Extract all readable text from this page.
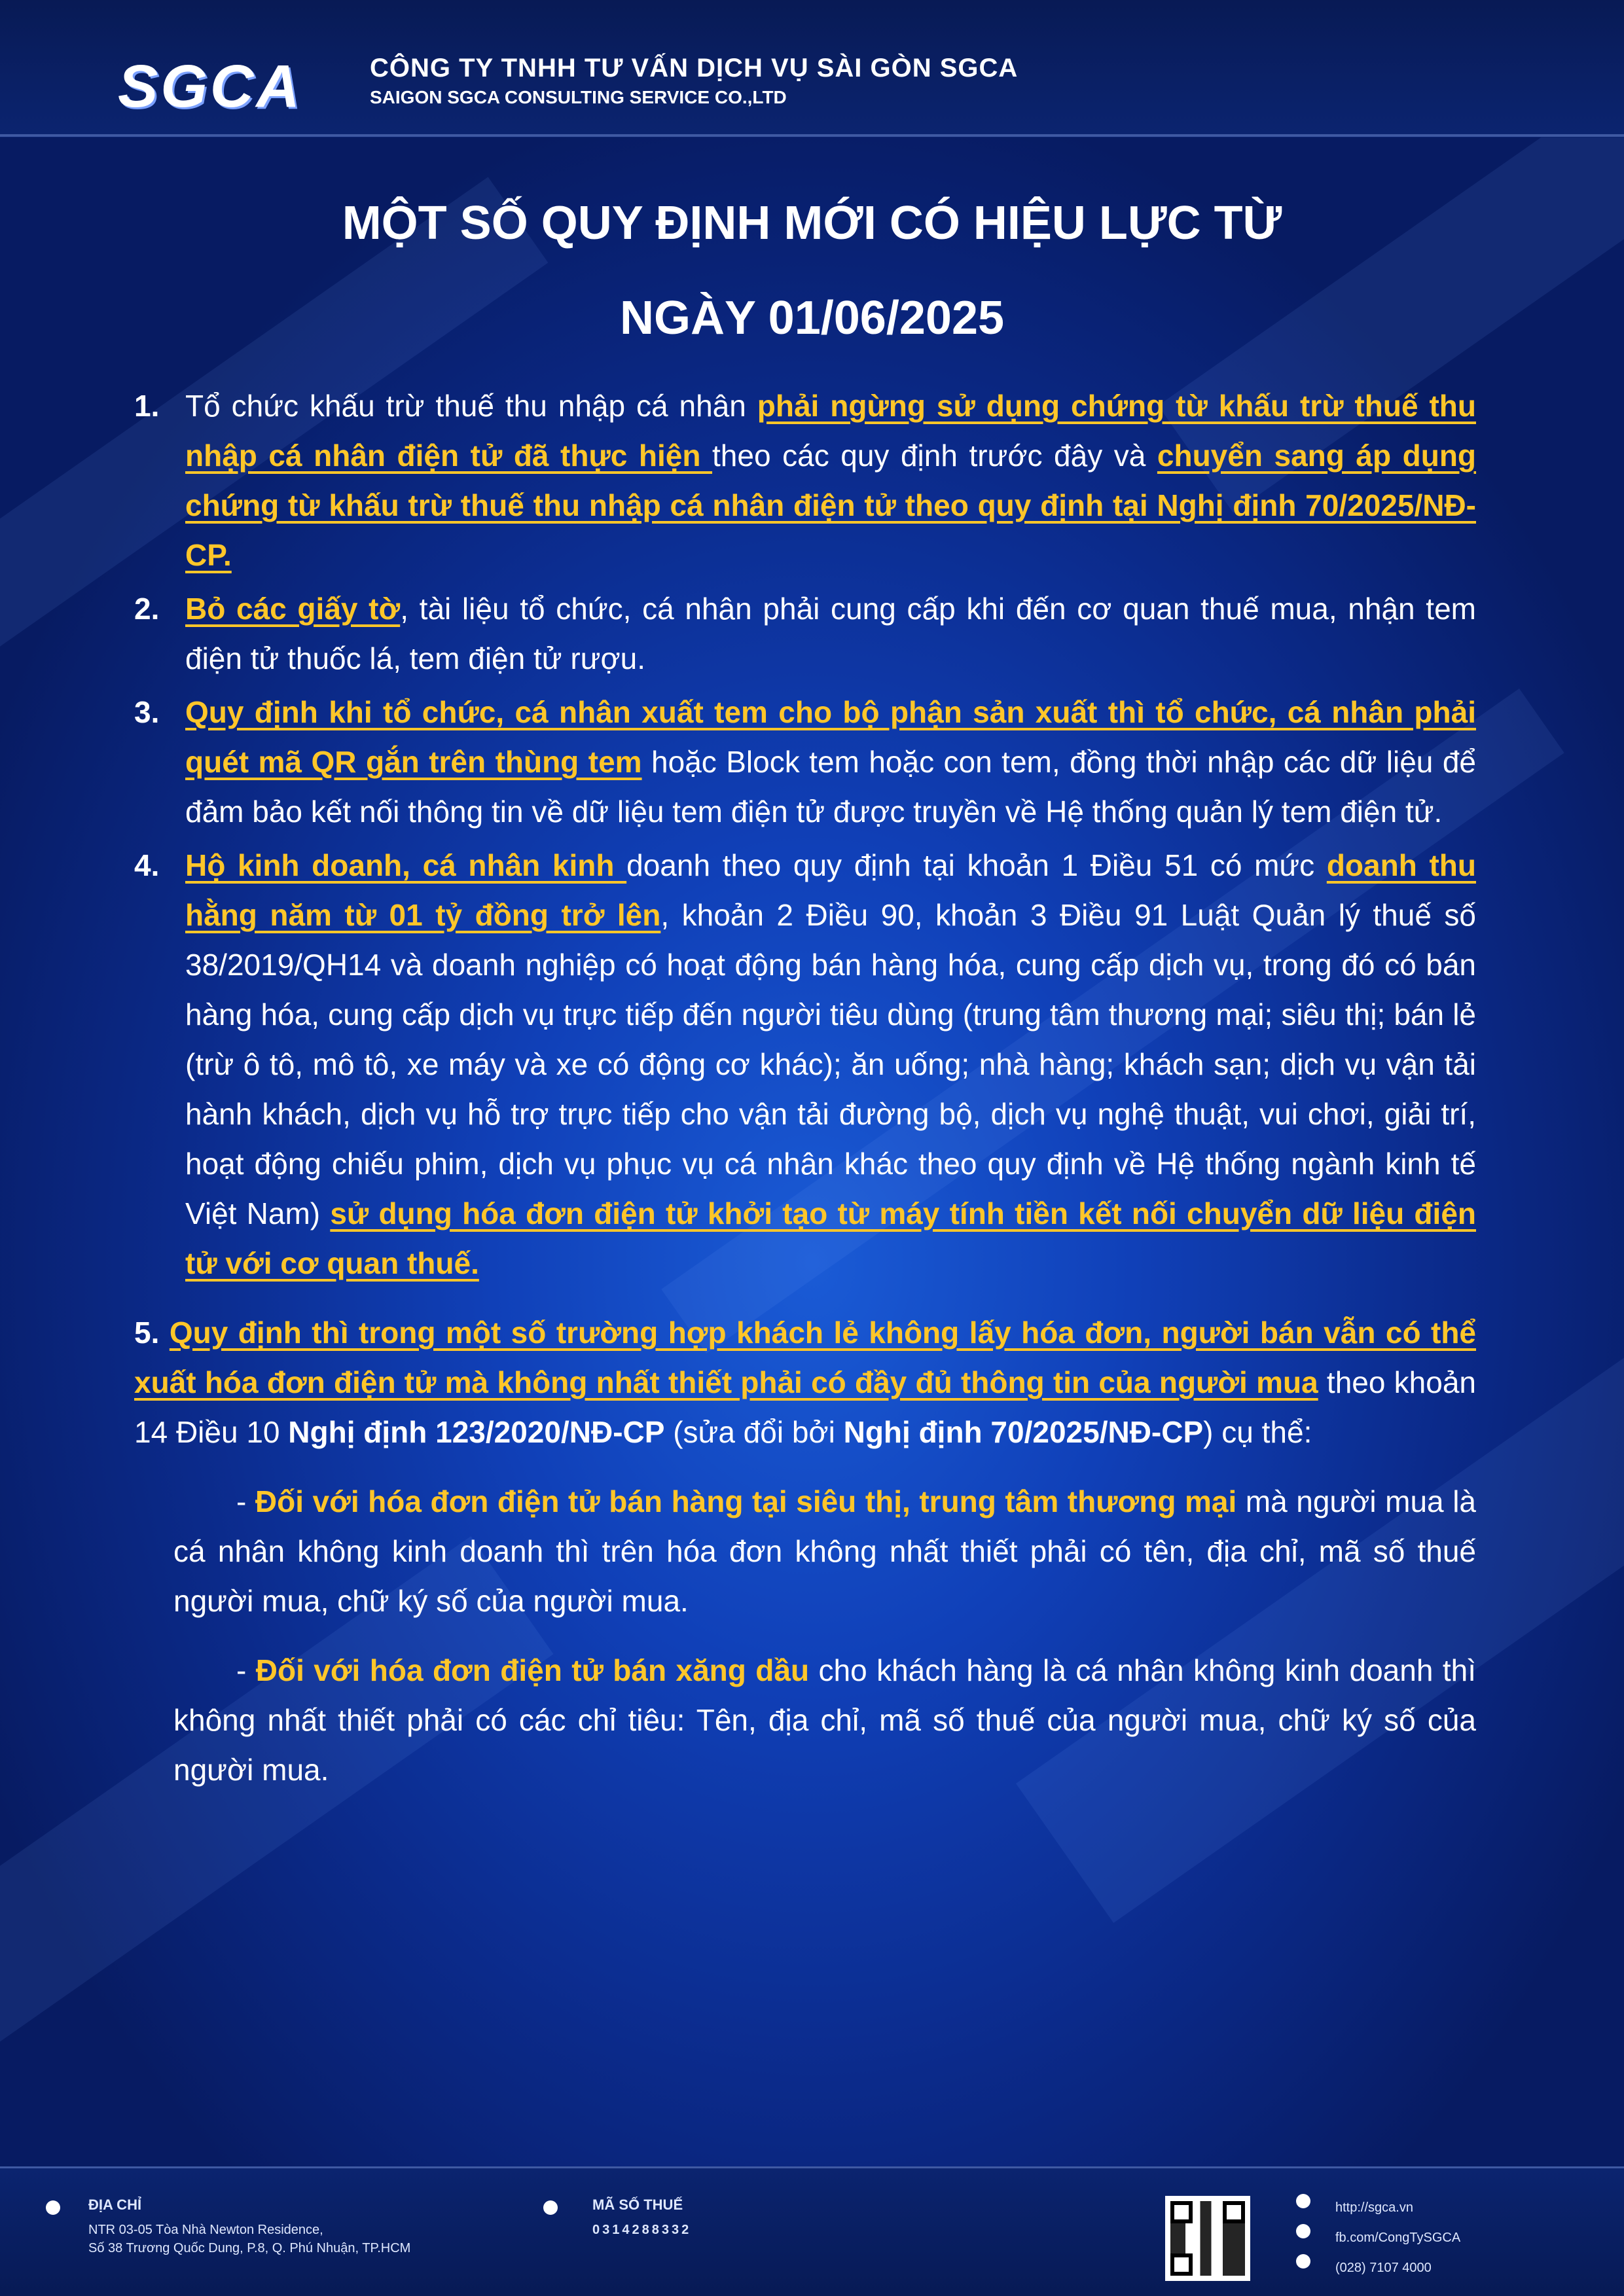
SGCA	CÔNG TY TNHH TƯ VẤN DỊCH VỤ SÀI GÒN SGCA
SAIGON SGCA CONSULTING SERVICE CO.,LTD
MỘT SỐ QUY ĐỊNH MỚI CÓ HIỆU LỰC TỪ
NGÀY 01/06/2025
1. Tổ chức khấu trừ thuế thu nhập cá nhân phải ngừng sử dụng chứng từ khấu trừ thuế thu nhập cá nhân điện tử đã thực hiện theo các quy định trước đây và chuyển sang áp dụng chứng từ khấu trừ thuế thu nhập cá nhân điện tử theo quy định tại Nghị định 70/2025/NĐ-CP.
2. Bỏ các giấy tờ, tài liệu tổ chức, cá nhân phải cung cấp khi đến cơ quan thuế mua, nhận tem điện tử thuốc lá, tem điện tử rượu.
3. Quy định khi tổ chức, cá nhân xuất tem cho bộ phận sản xuất thì tổ chức, cá nhân phải quét mã QR gắn trên thùng tem hoặc Block tem hoặc con tem, đồng thời nhập các dữ liệu để đảm bảo kết nối thông tin về dữ liệu tem điện tử được truyền về Hệ thống quản lý tem điện tử.
4. Hộ kinh doanh, cá nhân kinh doanh theo quy định tại khoản 1 Điều 51 có mức doanh thu hằng năm từ 01 tỷ đồng trở lên, khoản 2 Điều 90, khoản 3 Điều 91 Luật Quản lý thuế số 38/2019/QH14 và doanh nghiệp có hoạt động bán hàng hóa, cung cấp dịch vụ, trong đó có bán hàng hóa, cung cấp dịch vụ trực tiếp đến người tiêu dùng (trung tâm thương mại; siêu thị; bán lẻ (trừ ô tô, mô tô, xe máy và xe có động cơ khác); ăn uống; nhà hàng; khách sạn; dịch vụ vận tải hành khách, dịch vụ hỗ trợ trực tiếp cho vận tải đường bộ, dịch vụ nghệ thuật, vui chơi, giải trí, hoạt động chiếu phim, dịch vụ phục vụ cá nhân khác theo quy định về Hệ thống ngành kinh tế Việt Nam) sử dụng hóa đơn điện tử khởi tạo từ máy tính tiền kết nối chuyển dữ liệu điện tử với cơ quan thuế.
5. Quy định thì trong một số trường hợp khách lẻ không lấy hóa đơn, người bán vẫn có thể xuất hóa đơn điện tử mà không nhất thiết phải có đầy đủ thông tin của người mua theo khoản 14 Điều 10 Nghị định 123/2020/NĐ-CP (sửa đổi bởi Nghị định 70/2025/NĐ-CP) cụ thể:
- Đối với hóa đơn điện tử bán hàng tại siêu thị, trung tâm thương mại mà người mua là cá nhân không kinh doanh thì trên hóa đơn không nhất thiết phải có tên, địa chỉ, mã số thuế người mua, chữ ký số của người mua.
- Đối với hóa đơn điện tử bán xăng dầu cho khách hàng là cá nhân không kinh doanh thì không nhất thiết phải có các chỉ tiêu: Tên, địa chỉ, mã số thuế của người mua, chữ ký số của người mua.
ĐỊA CHỈ
NTR 03-05 Tòa Nhà Newton Residence,
Số 38 Trương Quốc Dung, P.8, Q. Phú Nhuận, TP.HCM
MÃ SỐ THUẾ
0314288332
http://sgca.vn
fb.com/CongTySGCA
(028) 7107 4000
